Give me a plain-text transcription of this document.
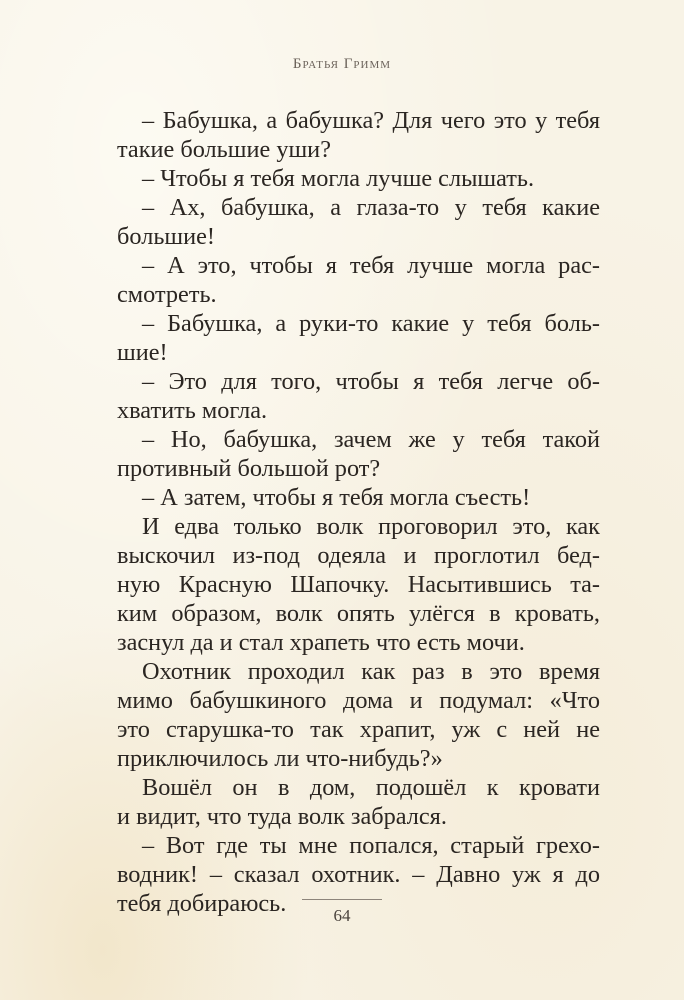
Братья Гримм
– Бабушка, а бабушка? Для чего это у тебя
такие большие уши?
– Чтобы я тебя могла лучше слышать.
– Ах, бабушка, а глаза-то у тебя какие
большие!
– А это, чтобы я тебя лучше могла рас-
смотреть.
– Бабушка, а руки-то какие у тебя боль-
шие!
– Это для того, чтобы я тебя легче об-
хватить могла.
– Но, бабушка, зачем же у тебя такой
противный большой рот?
– А затем, чтобы я тебя могла съесть!
И едва только волк проговорил это, как
выскочил из-под одеяла и проглотил бед-
ную Красную Шапочку. Насытившись та-
ким образом, волк опять улёгся в кровать,
заснул да и стал храпеть что есть мочи.
Охотник проходил как раз в это время
мимо бабушкиного дома и подумал: «Что
это старушка-то так храпит, уж с ней не
приключилось ли что-нибудь?»
Вошёл он в дом, подошёл к кровати
и видит, что туда волк забрался.
– Вот где ты мне попался, старый грехо-
водник! – сказал охотник. – Давно уж я до
тебя добираюсь.	64
